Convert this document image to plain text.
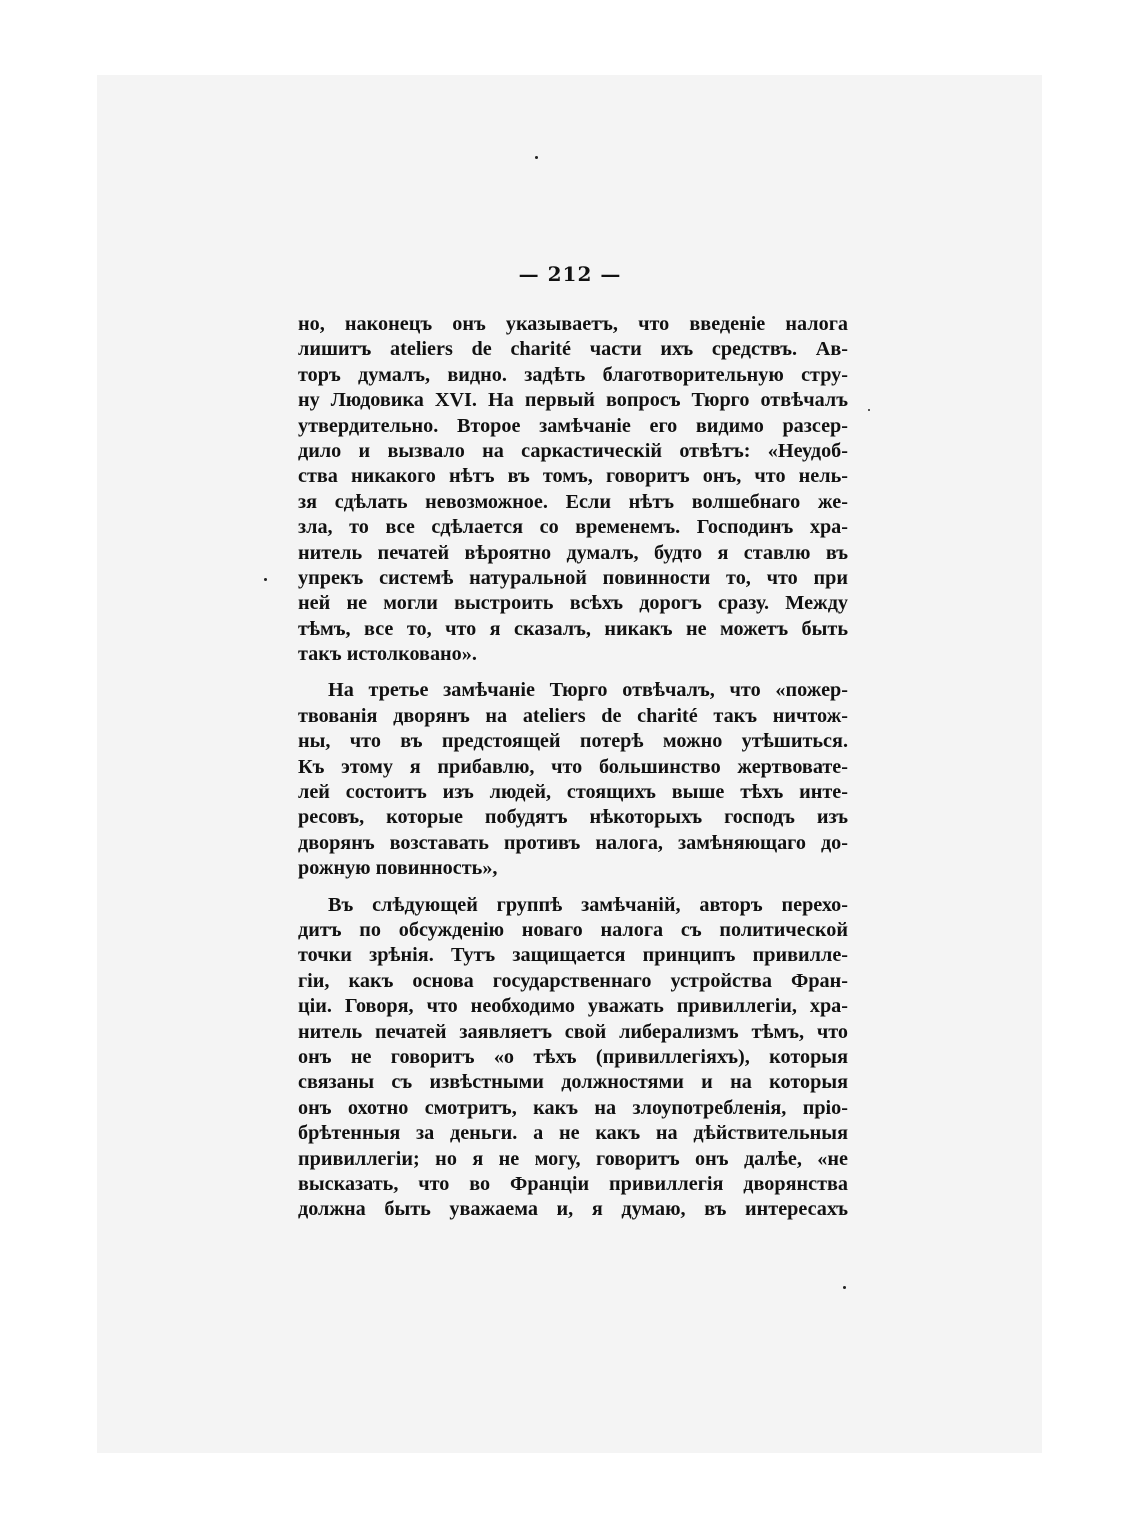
— 212 —
но, наконецъ онъ указываетъ, что введеніе налога
лишитъ ateliers de charité части ихъ средствъ. Ав-
торъ думалъ, видно. задѣть благотворительную стру-
ну Людовика XVI. На первый вопросъ Тюрго отвѣчалъ
утвердительно. Второе замѣчаніе его видимо разсер-
дило и вызвало на саркастическій отвѣтъ: «Неудоб-
ства никакого нѣтъ въ томъ, говоритъ онъ, что нель-
зя сдѣлать невозможное. Если нѣтъ волшебнаго же-
зла, то все сдѣлается со временемъ. Господинъ хра-
нитель печатей вѣроятно думалъ, будто я ставлю въ
упрекъ системѣ натуральной повинности то, что при
ней не могли выстроить всѣхъ дорогъ сразу. Между
тѣмъ, все то, что я сказалъ, никакъ не можетъ быть
такъ истолковано».
На третье замѣчаніе Тюрго отвѣчалъ, что «пожер-
твованія дворянъ на ateliers de charité такъ ничтож-
ны, что въ предстоящей потерѣ можно утѣшиться.
Къ этому я прибавлю, что большинство жертвовате-
лей состоитъ изъ людей, стоящихъ выше тѣхъ инте-
ресовъ, которые побудятъ нѣкоторыхъ господъ изъ
дворянъ возставать противъ налога, замѣняющаго до-
рожную повинность»,
Въ слѣдующей группѣ замѣчаній, авторъ перехо-
дитъ по обсужденію новаго налога съ политической
точки зрѣнія. Тутъ защищается принципъ привилле-
гіи, какъ основа государственнаго устройства Фран-
ціи. Говоря, что необходимо уважать привиллегіи, хра-
нитель печатей заявляетъ свой либерализмъ тѣмъ, что
онъ не говоритъ «о тѣхъ (привиллегіяхъ), которыя
связаны съ извѣстными должностями и на которыя
онъ охотно смотритъ, какъ на злоупотребленія, прio-
брѣтенныя за деньги. а не какъ на дѣйствительныя
привиллегіи; но я не могу, говоритъ онъ далѣе, «не
высказать, что во Франціи привиллегія дворянства
должна быть уважаема и, я думаю, въ интересахъ
